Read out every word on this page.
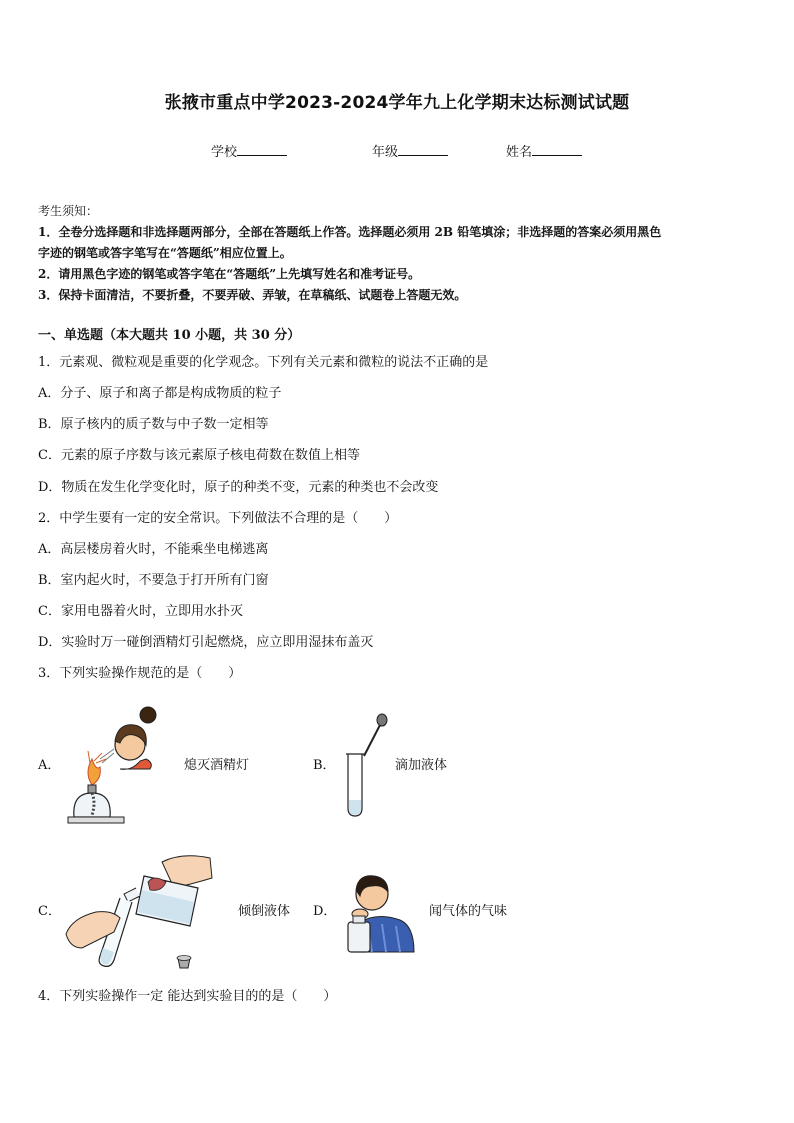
张掖市重点中学2023-2024学年九上化学期末达标测试试题
学校	年级	姓名
考生须知：
1．全卷分选择题和非选择题两部分，全部在答题纸上作答。选择题必须用 2B 铅笔填涂；非选择题的答案必须用黑色
字迹的钢笔或答字笔写在“答题纸”相应位置上。
2．请用黑色字迹的钢笔或答字笔在“答题纸”上先填写姓名和准考证号。
3．保持卡面清洁，不要折叠，不要弄破、弄皱，在草稿纸、试题卷上答题无效。
一、单选题（本大题共 10 小题，共 30 分）
1．元素观、微粒观是重要的化学观念。下列有关元素和微粒的说法不正确的是
A．分子、原子和离子都是构成物质的粒子
B．原子核内的质子数与中子数一定相等
C．元素的原子序数与该元素原子核电荷数在数值上相等
D．物质在发生化学变化时，原子的种类不变，元素的种类也不会改变
2．中学生要有一定的安全常识。下列做法不合理的是（　　）
A．高层楼房着火时，不能乘坐电梯逃离
B．室内起火时，不要急于打开所有门窗
C．家用电器着火时，立即用水扑灭
D．实验时万一碰倒酒精灯引起燃烧，应立即用湿抹布盖灭
3．下列实验操作规范的是（　　）
A．	熄灭酒精灯	B．	滴加液体
C．	倾倒液体 D．	闻气体的气味
4．下列实验操作一定 能达到实验目的的是（　　）
